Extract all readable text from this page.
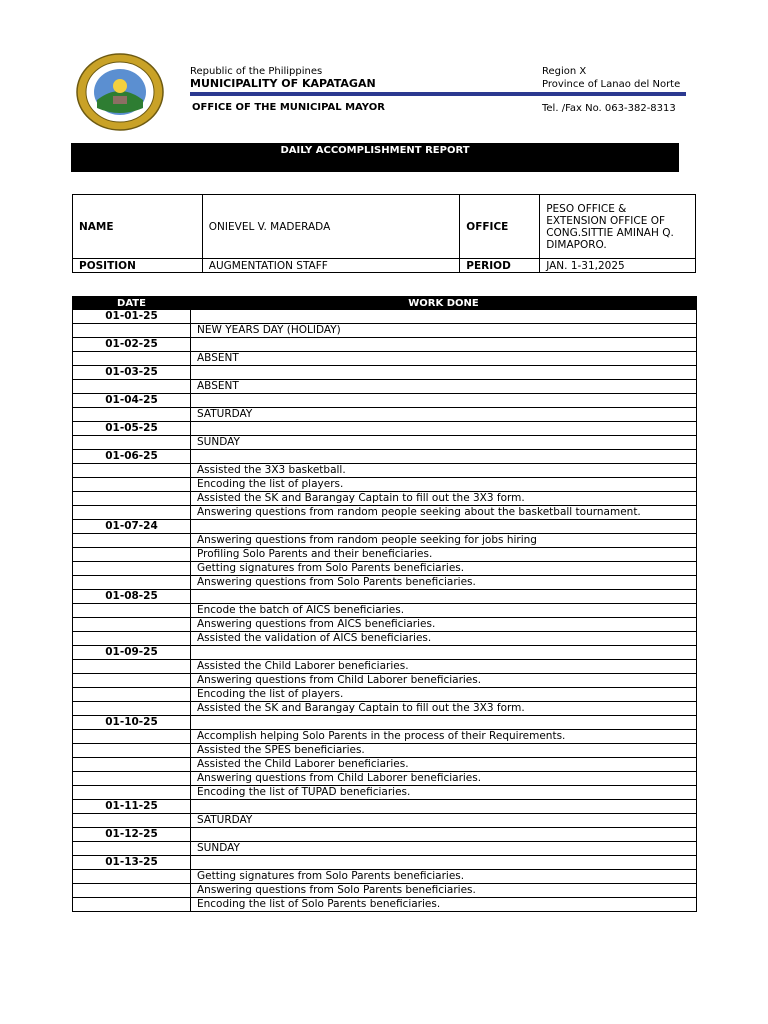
Republic of the Philippines
MUNICIPALITY OF KAPATAGAN
OFFICE OF THE MUNICIPAL MAYOR
Region X
Province of Lanao del Norte
Tel. /Fax No. 063-382-8313
DAILY ACCOMPLISHMENT REPORT
NAME	ONIEVEL V. MADERADA	OFFICE	PESO OFFICE & EXTENSION OFFICE OF CONG.SITTIE AMINAH Q. DIMAPORO.
POSITION	AUGMENTATION STAFF	PERIOD	JAN. 1-31,2025
DATE	WORK DONE
01-01-25	
	NEW YEARS DAY (HOLIDAY)
01-02-25	
	ABSENT
01-03-25	
	ABSENT
01-04-25	
	SATURDAY
01-05-25	
	SUNDAY
01-06-25	
	Assisted the 3X3 basketball.
	Encoding the list of players.
	Assisted the SK and Barangay Captain to fill out the 3X3 form.
	Answering questions from random people seeking about the basketball tournament.
01-07-24	
	Answering questions from random people seeking for jobs hiring
	Profiling Solo Parents and their beneficiaries.
	Getting signatures from Solo Parents beneficiaries.
	Answering questions from Solo Parents beneficiaries.
01-08-25	
	Encode the batch of AICS beneficiaries.
	Answering questions from AICS beneficiaries.
	Assisted the validation of AICS beneficiaries.
01-09-25	
	Assisted the Child Laborer beneficiaries.
	Answering questions from Child Laborer beneficiaries.
	Encoding the list of players.
	Assisted the SK and Barangay Captain to fill out the 3X3 form.
01-10-25	
	Accomplish helping Solo Parents in the process of their Requirements.
	Assisted the SPES beneficiaries.
	Assisted the Child Laborer beneficiaries.
	Answering questions from Child Laborer beneficiaries.
	Encoding the list of TUPAD beneficiaries.
01-11-25	
	SATURDAY
01-12-25	
	SUNDAY
01-13-25	
	Getting signatures from Solo Parents beneficiaries.
	Answering questions from Solo Parents beneficiaries.
	Encoding the list of Solo Parents beneficiaries.
